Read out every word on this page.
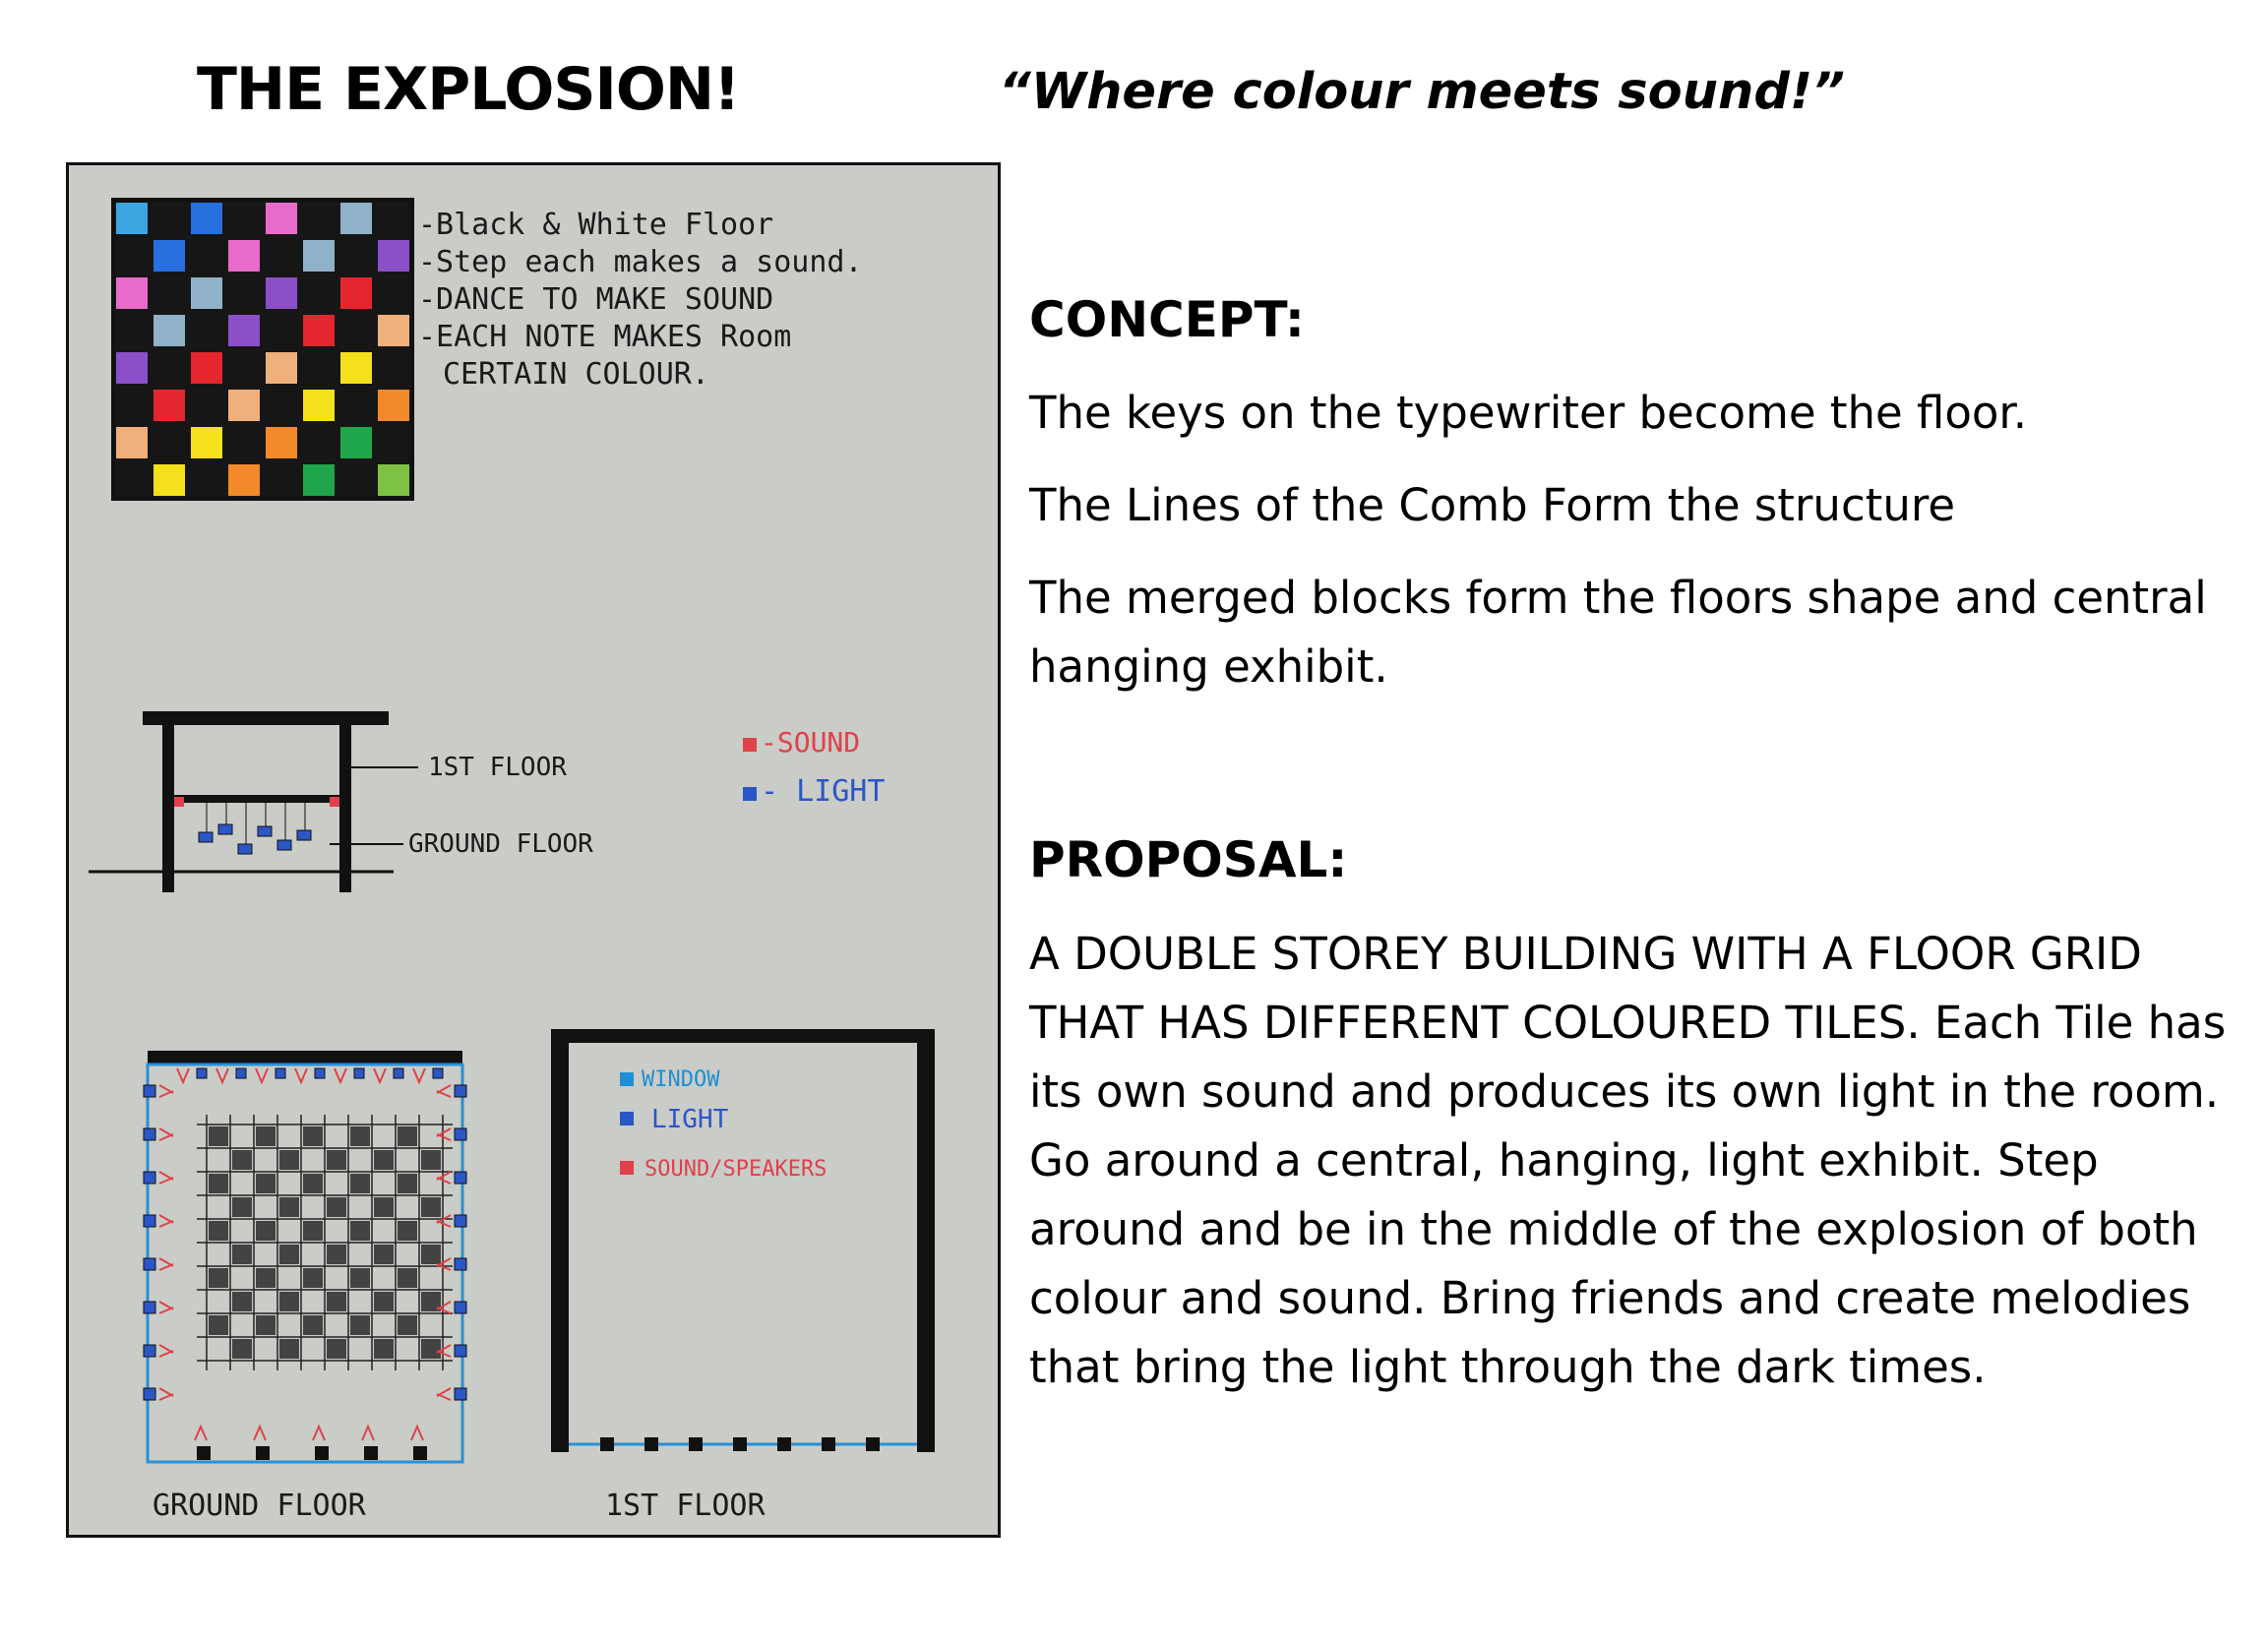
THE EXPLOSION!	“Where colour meets sound!”
-Black & White Floor
-Step each makes a sound.
-DANCE TO MAKE SOUND
-EACH NOTE MAKES Room
CERTAIN COLOUR.
1ST FLOOR
GROUND FLOOR
-SOUND
- LIGHT
GROUND FLOOR
WINDOW
LIGHT
SOUND/SPEAKERS
1ST FLOOR
CONCEPT:

The keys on the typewriter become the floor.

The Lines of the Comb Form the structure

The merged blocks form the floors shape and central hanging exhibit.

PROPOSAL:

A DOUBLE STOREY BUILDING WITH A FLOOR GRID THAT HAS DIFFERENT COLOURED TILES. Each Tile has its own sound and produces its own light in the room. Go around a central, hanging, light exhibit. Step around and be in the middle of the explosion of both colour and sound. Bring friends and create melodies that bring the light through the dark times.
